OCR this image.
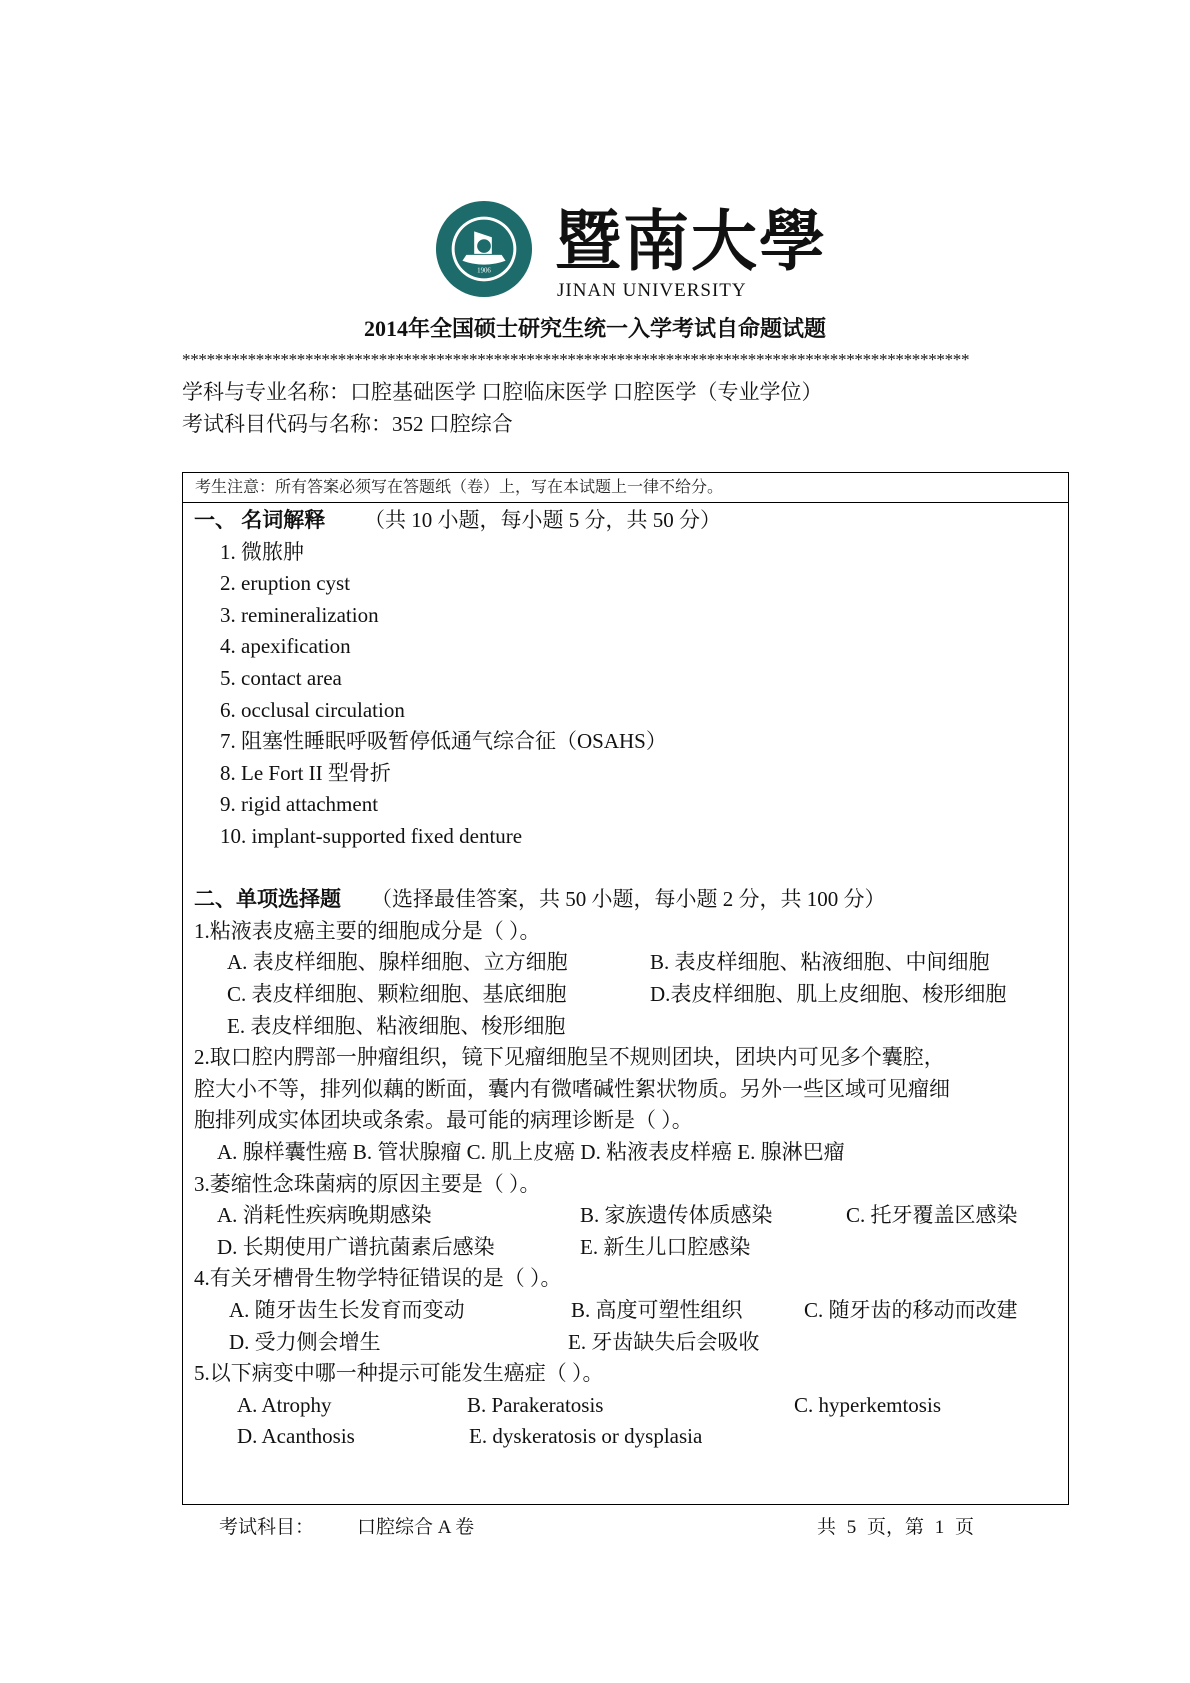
1906 暨南大學
JINAN UNIVERSITY
2014年全国硕士研究生统一入学考试自命题试题
************************************************************************************************
学科与专业名称：口腔基础医学 口腔临床医学 口腔医学（专业学位）
考试科目代码与名称：352 口腔综合
考生注意：所有答案必须写在答题纸（卷）上，写在本试题上一律不给分。
一、 名词解释 （共 10 小题，每小题 5 分，共 50 分）
1. 微脓肿
2. eruption cyst
3. remineralization
4. apexification
5. contact area
6. occlusal circulation
7. 阻塞性睡眠呼吸暂停低通气综合征（OSAHS）
8. Le Fort II 型骨折
9. rigid attachment
10. implant-supported fixed denture
二、单项选择题 （选择最佳答案，共 50 小题，每小题 2 分，共 100 分）
1.粘液表皮癌主要的细胞成分是（ ）。
A. 表皮样细胞、腺样细胞、立方细胞	B. 表皮样细胞、粘液细胞、中间细胞
C. 表皮样细胞、颗粒细胞、基底细胞	D.表皮样细胞、肌上皮细胞、梭形细胞
E. 表皮样细胞、粘液细胞、梭形细胞
2.取口腔内腭部一肿瘤组织，镜下见瘤细胞呈不规则团块，团块内可见多个囊腔，
腔大小不等，排列似藕的断面，囊内有微嗜碱性絮状物质。另外一些区域可见瘤细
胞排列成实体团块或条索。最可能的病理诊断是（ ）。
A. 腺样囊性癌 B. 管状腺瘤 C. 肌上皮癌 D. 粘液表皮样癌 E. 腺淋巴瘤
3.萎缩性念珠菌病的原因主要是（ ）。
A. 消耗性疾病晚期感染	B. 家族遗传体质感染	C. 托牙覆盖区感染
D. 长期使用广谱抗菌素后感染	E. 新生儿口腔感染
4.有关牙槽骨生物学特征错误的是（ ）。
A. 随牙齿生长发育而变动	B. 高度可塑性组织	C. 随牙齿的移动而改建
D. 受力侧会增生	E. 牙齿缺失后会吸收
5.以下病变中哪一种提示可能发生癌症（ ）。
A. Atrophy	B. Parakeratosis	C. hyperkemtosis
D. Acanthosis	E. dyskeratosis or dysplasia
考试科目： 口腔综合 A 卷	共 5 页，第 1 页
